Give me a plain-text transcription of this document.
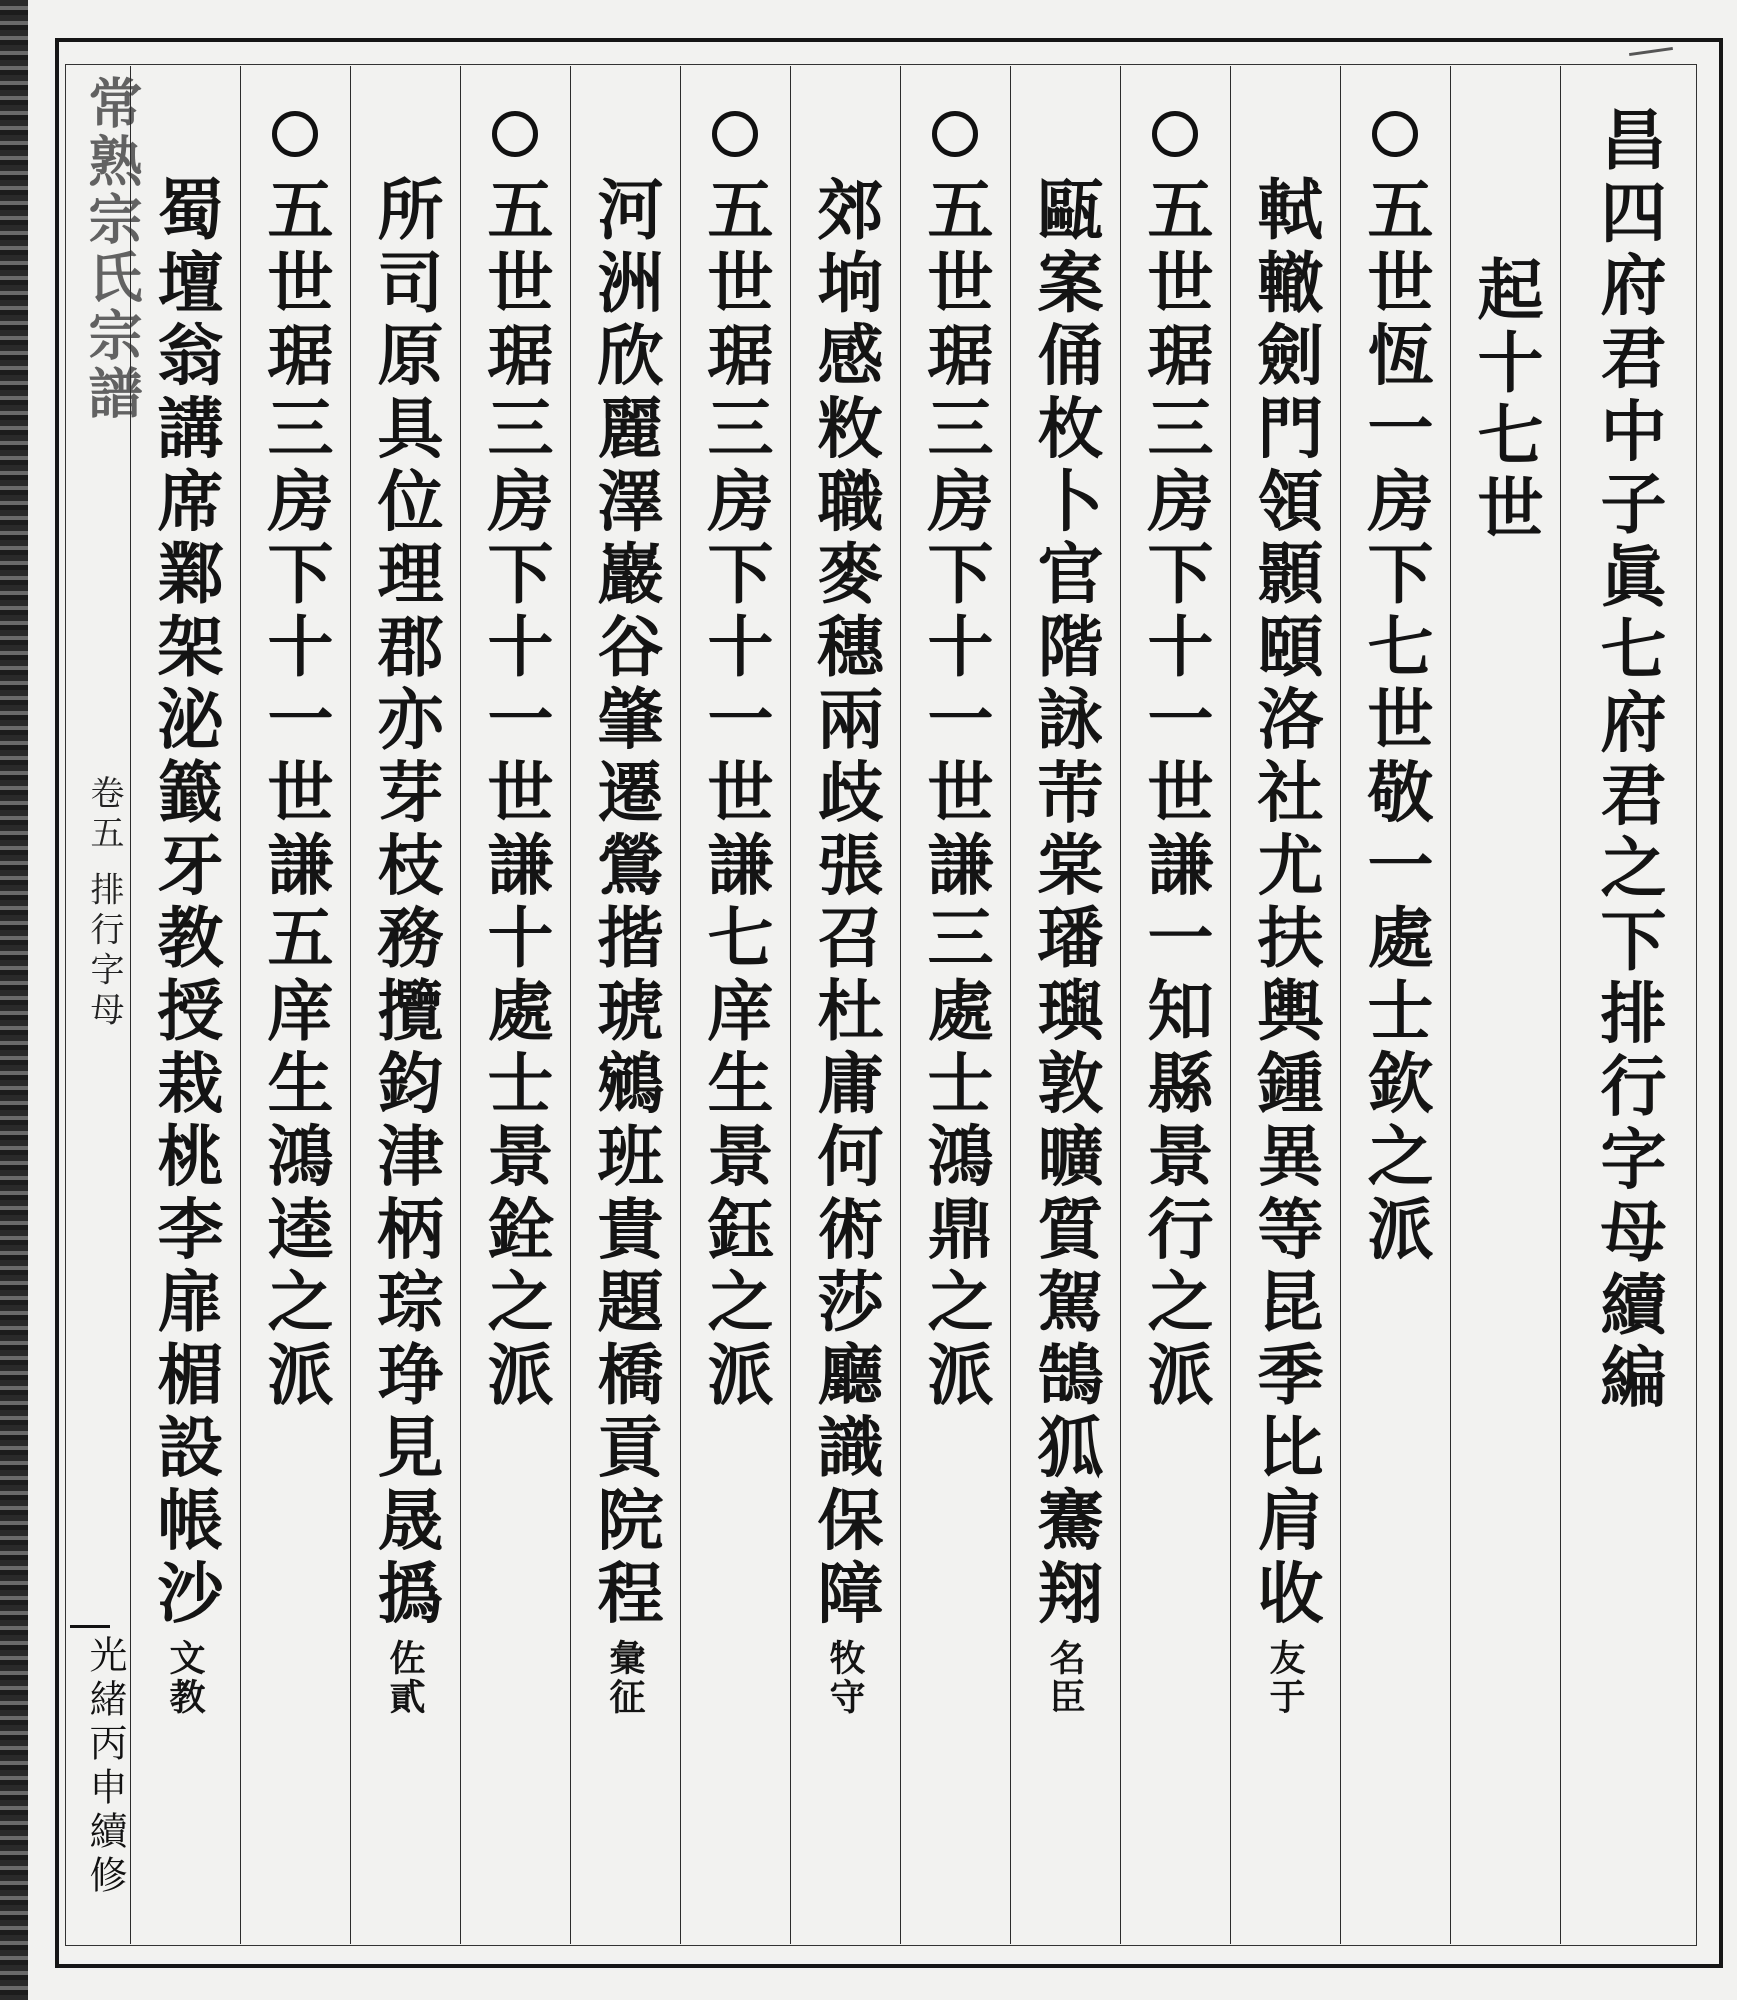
常熟宗氏宗譜
卷五 排行字母
光緒丙申續修
昌四府君中子眞七府君之下排行字母續編
起十七世
五世恆一房下七世敬一處士欽之派
軾轍劍門領顥頤洛社尤扶輿鍾異等昆季比肩收
友于
五世琚三房下十一世謙一知縣景行之派
甌案俑枚卜官階詠芾棠璠璵敦曠質駕鵠狐騫翔
名臣
五世琚三房下十一世謙三處士鴻鼎之派
郊垧感敉職麥穗兩歧張召杜庸何術莎廳識保障
牧守
五世琚三房下十一世謙七庠生景鈺之派
河洲欣麗澤巖谷肇遷鶯揩琥鵷班貴題橋貢院程
彙征
五世琚三房下十一世謙十處士景銓之派
所司原具位理郡亦芽枝務攬鈞津柄琮琤見晟撝
佐貳
五世琚三房下十一世謙五庠生鴻逵之派
蜀壇翁講席鄴架泌籖牙教授栽桃李扉楣設帳沙
文教
